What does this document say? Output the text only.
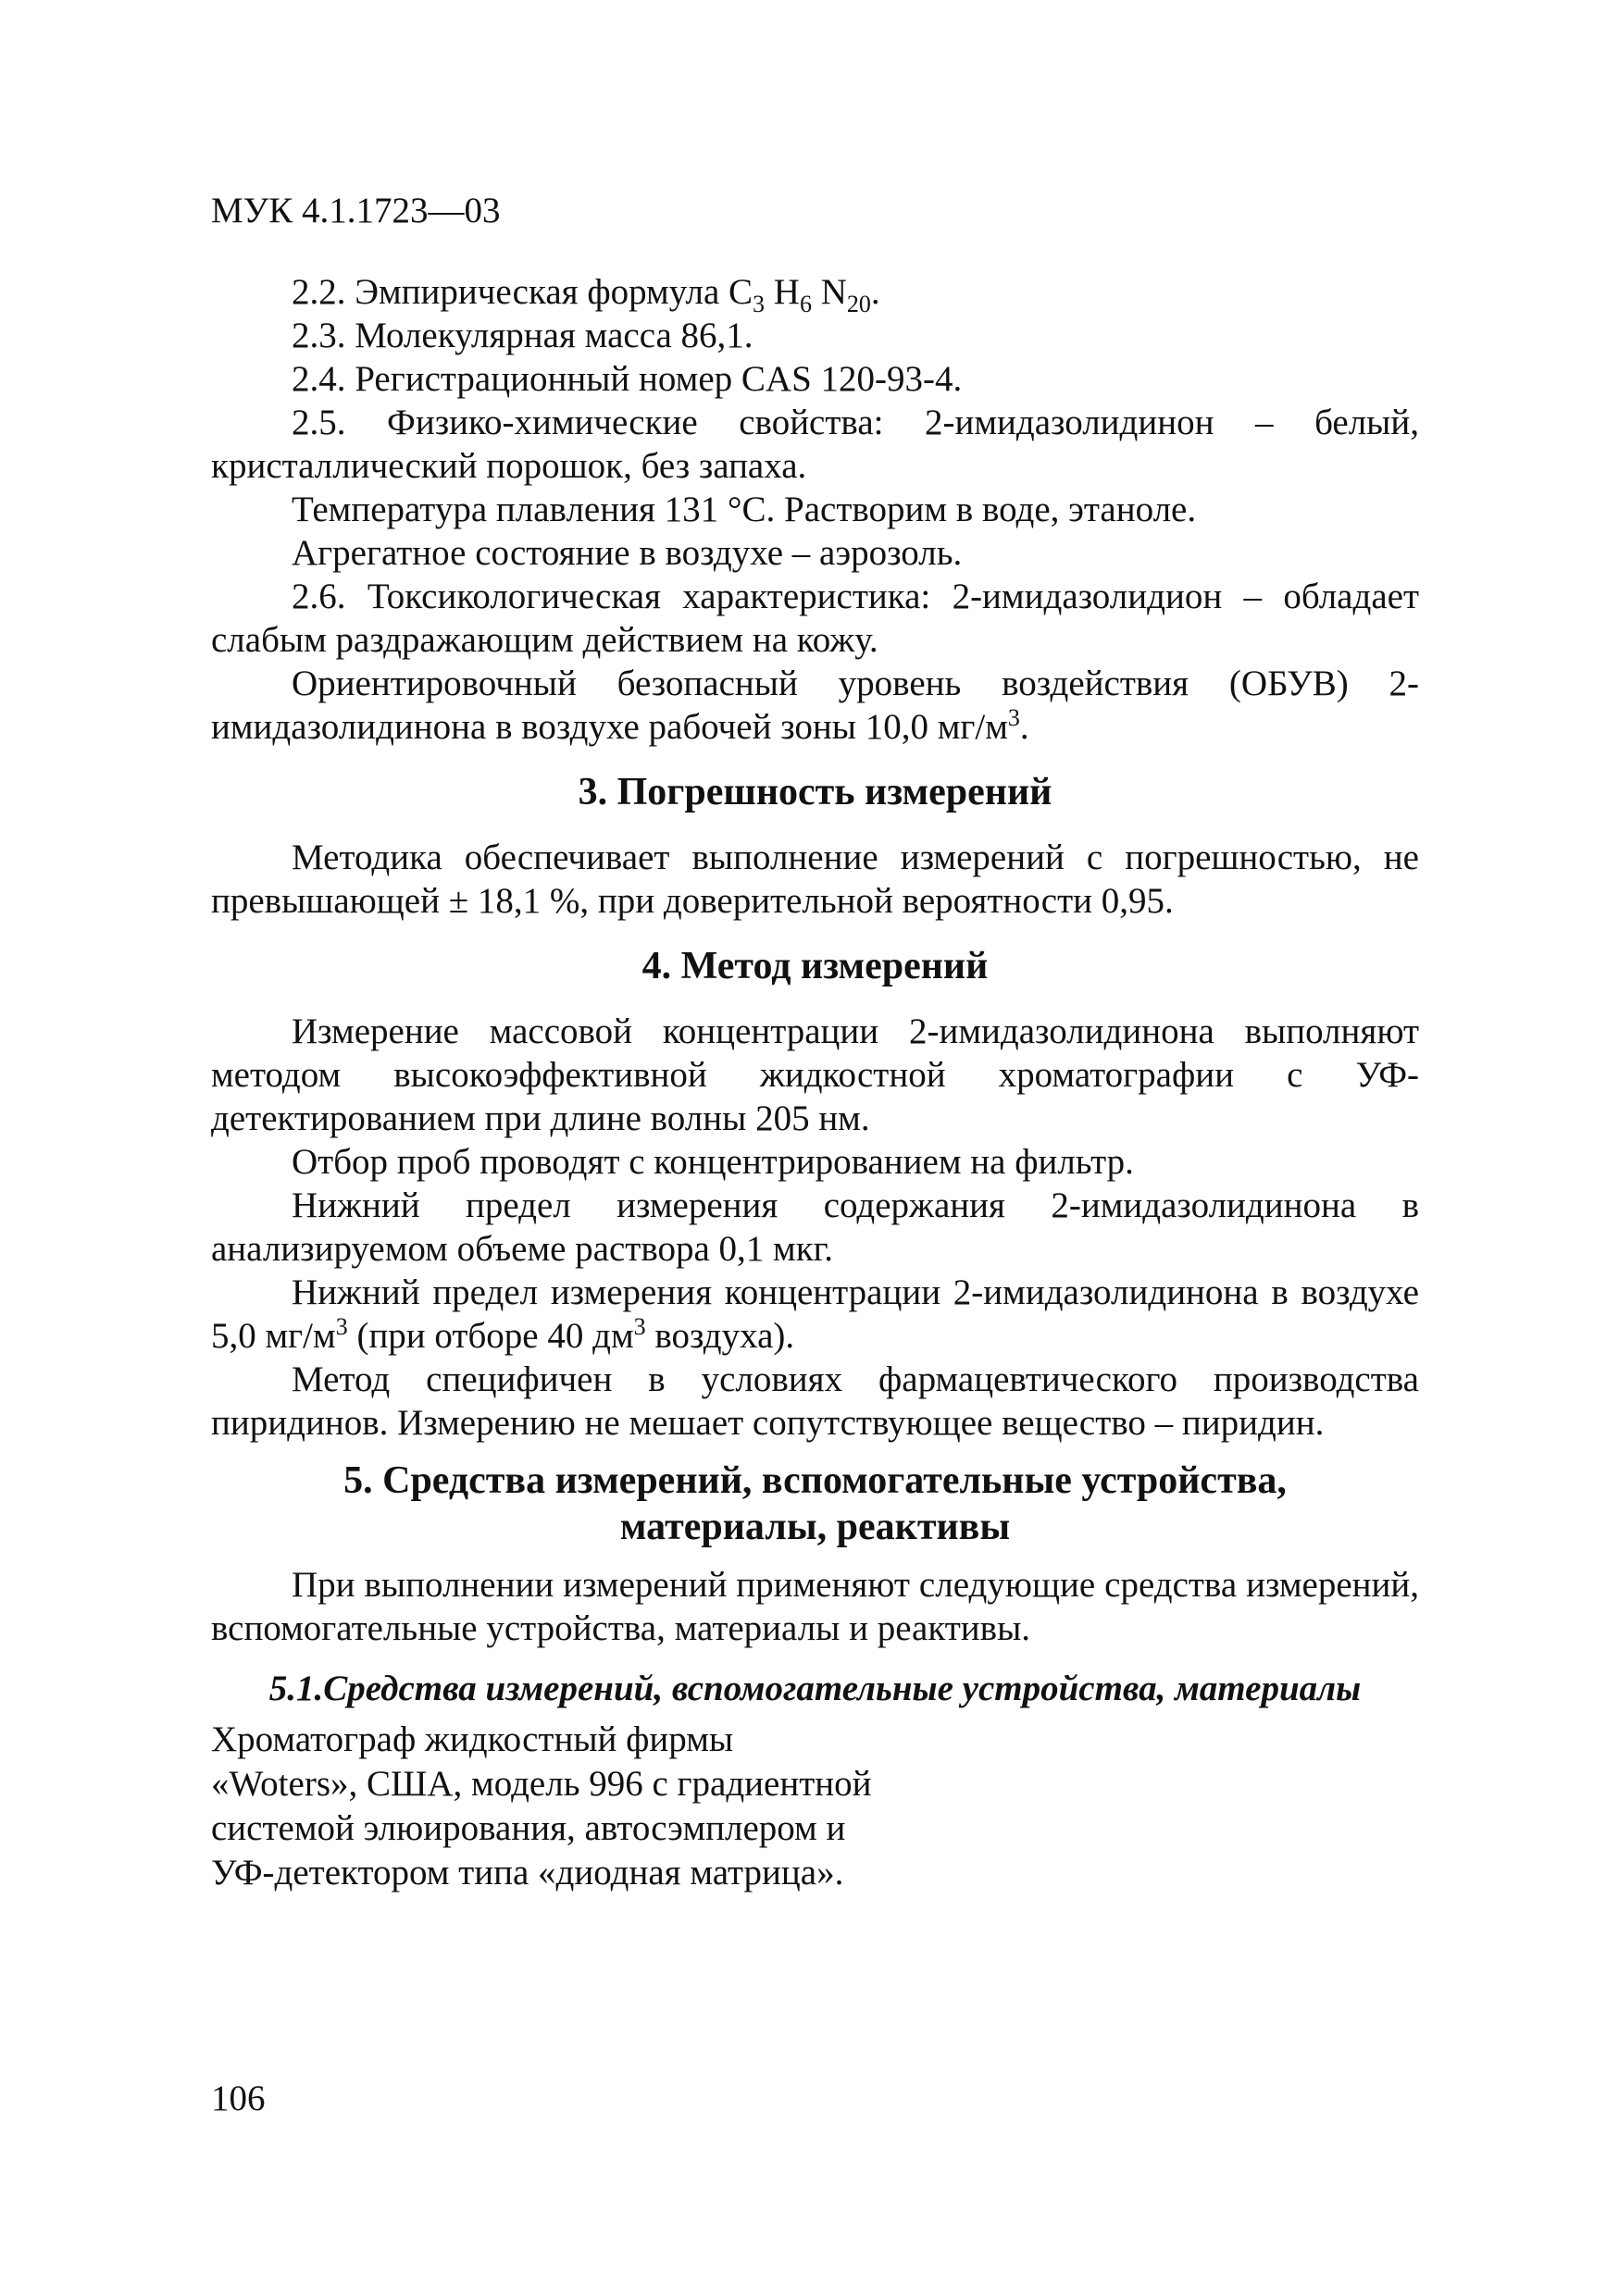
МУК 4.1.1723—03

2.2. Эмпирическая формула $C_3$ $H_6$ $N_{20}$.

2.3. Молекулярная масса 86,1.

2.4. Регистрационный номер CAS 120-93-4.

2.5. Физико-химические свойства: 2-имидазолидинон – белый, кристаллический порошок, без запаха.

Температура плавления 131 °С. Растворим в воде, этаноле.

Агрегатное состояние в воздухе – аэрозоль.

2.6. Токсикологическая характеристика: 2-имидазолидион – обладает слабым раздражающим действием на кожу.

Ориентировочный безопасный уровень воздействия (ОБУВ) 2-имидазолидинона в воздухе рабочей зоны 10,0 $мг/м^3$.

3. Погрешность измерений

Методика обеспечивает выполнение измерений с погрешностью, не превышающей ± 18,1 %, при доверительной вероятности 0,95.

4. Метод измерений

Измерение массовой концентрации 2-имидазолидинона выполняют методом высокоэффективной жидкостной хроматографии с УФ-детектированием при длине волны 205 нм.

Отбор проб проводят с концентрированием на фильтр.

Нижний предел измерения содержания 2-имидазолидинона в анализируемом объеме раствора 0,1 мкг.

Нижний предел измерения концентрации 2-имидазолидинона в воздухе 5,0 $мг/м^3$ (при отборе 40 $дм^3$ воздуха).

Метод специфичен в условиях фармацевтического производства пиридинов. Измерению не мешает сопутствующее вещество – пиридин.

5. Средства измерений, вспомогательные устройства,
материалы, реактивы

При выполнении измерений применяют следующие средства измерений, вспомогательные устройства, материалы и реактивы.

5.1.Средства измерений, вспомогательные устройства, материалы

Хроматограф жидкостный фирмы
«Woters», США, модель 996 с градиентной
системой элюирования, автосэмплером и
УФ-детектором типа «диодная матрица».
106
